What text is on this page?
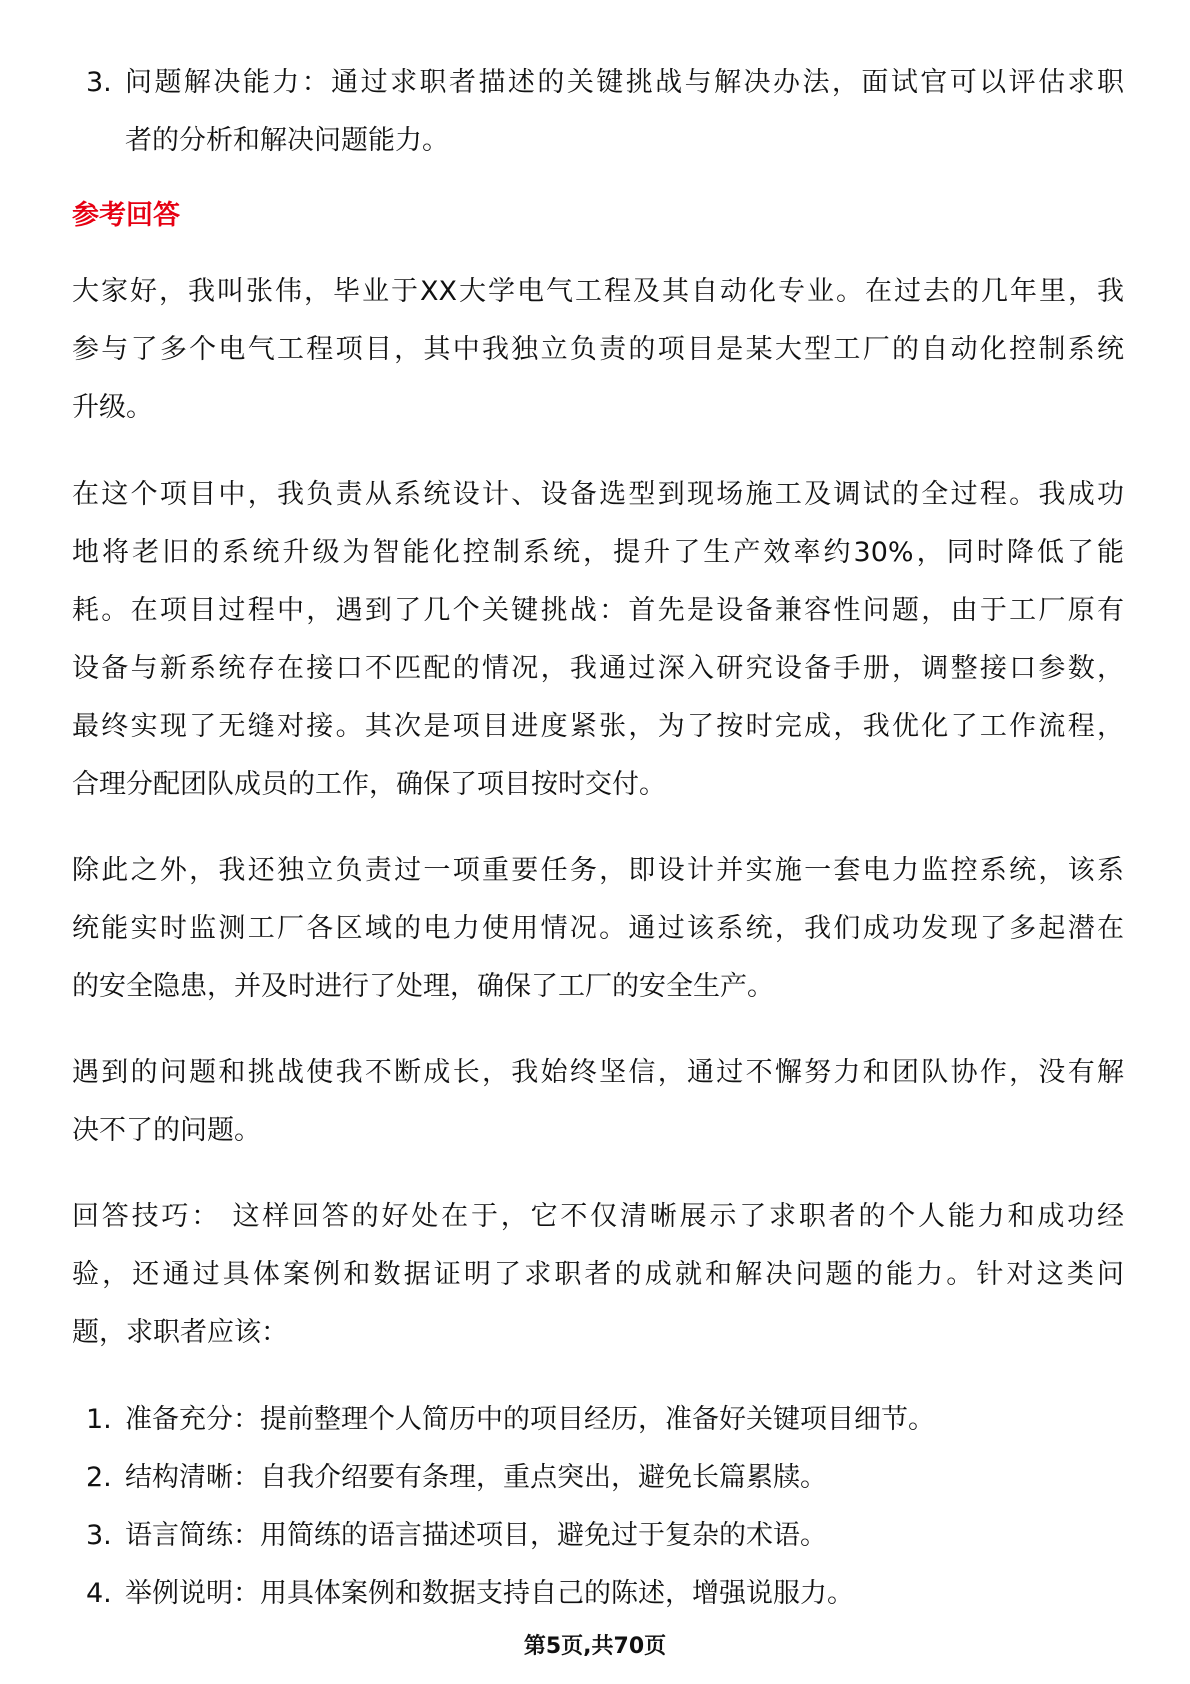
3. 问题解决能力：通过求职者描述的关键挑战与解决办法，面试官可以评估求职
者的分析和解决问题能力。
参考回答
大家好，我叫张伟，毕业于XX大学电气工程及其自动化专业。在过去的几年里，我
参与了多个电气工程项目，其中我独立负责的项目是某大型工厂的自动化控制系统
升级。
在这个项目中，我负责从系统设计、设备选型到现场施工及调试的全过程。我成功
地将老旧的系统升级为智能化控制系统，提升了生产效率约30%，同时降低了能
耗。在项目过程中，遇到了几个关键挑战：首先是设备兼容性问题，由于工厂原有
设备与新系统存在接口不匹配的情况，我通过深入研究设备手册，调整接口参数，
最终实现了无缝对接。其次是项目进度紧张，为了按时完成，我优化了工作流程，
合理分配团队成员的工作，确保了项目按时交付。
除此之外，我还独立负责过一项重要任务，即设计并实施一套电力监控系统，该系
统能实时监测工厂各区域的电力使用情况。通过该系统，我们成功发现了多起潜在
的安全隐患，并及时进行了处理，确保了工厂的安全生产。
遇到的问题和挑战使我不断成长，我始终坚信，通过不懈努力和团队协作，没有解
决不了的问题。
回答技巧： 这样回答的好处在于，它不仅清晰展示了求职者的个人能力和成功经
验，还通过具体案例和数据证明了求职者的成就和解决问题的能力。针对这类问
题，求职者应该：
1. 准备充分：提前整理个人简历中的项目经历，准备好关键项目细节。
2. 结构清晰：自我介绍要有条理，重点突出，避免长篇累牍。
3. 语言简练：用简练的语言描述项目，避免过于复杂的术语。
4. 举例说明：用具体案例和数据支持自己的陈述，增强说服力。
第5页,共70页
